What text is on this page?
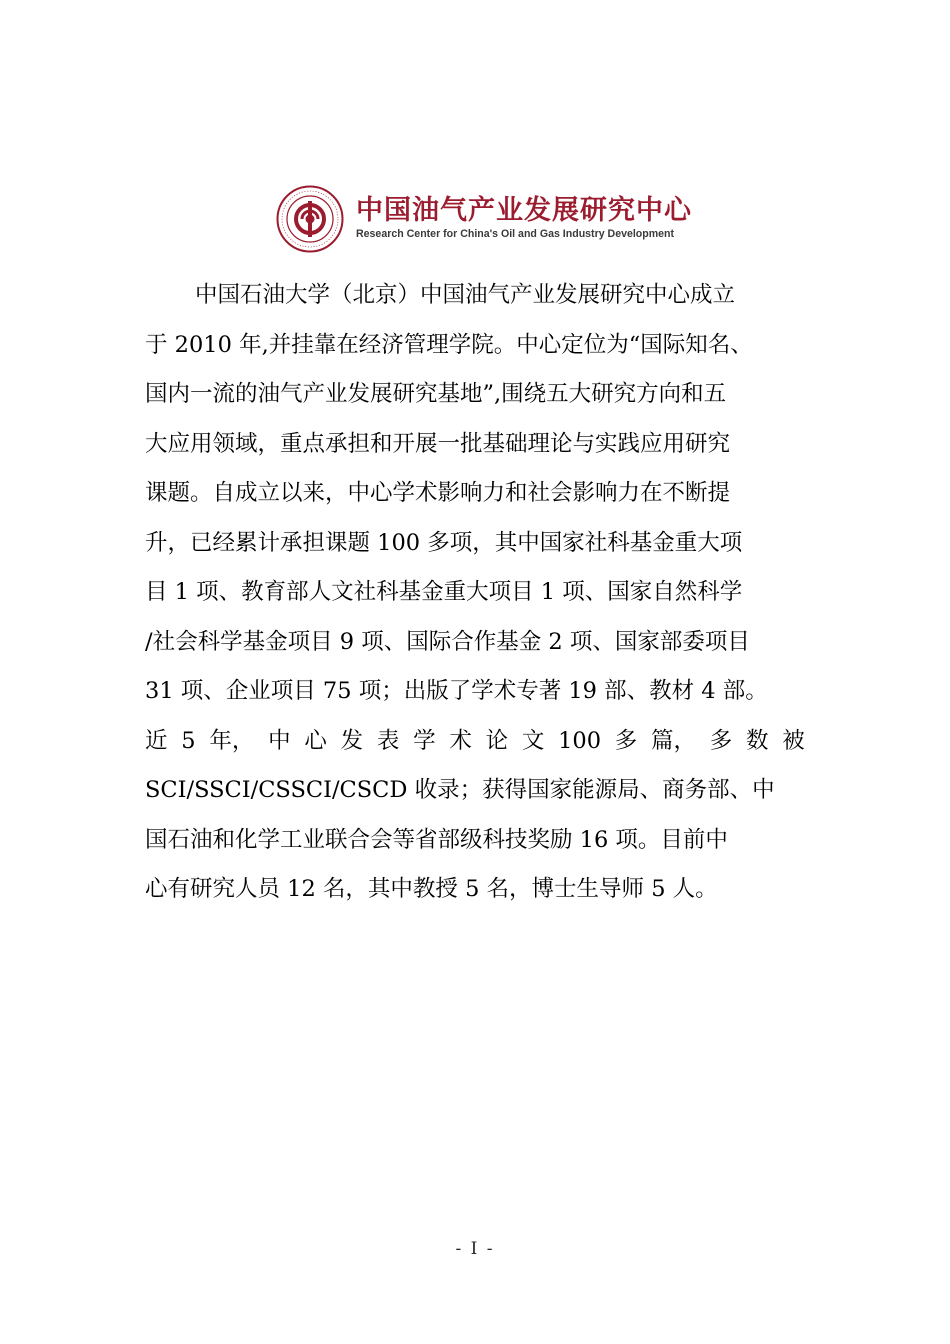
中国油气产业发展研究中心
Research Center for China's Oil and Gas Industry Development
中国石油大学（北京）中国油气产业发展研究中心成立
于 2010 年,并挂靠在经济管理学院。中心定位为“国际知名、
国内一流的油气产业发展研究基地”,围绕五大研究方向和五
大应用领域，重点承担和开展一批基础理论与实践应用研究
课题。自成立以来，中心学术影响力和社会影响力在不断提
升，已经累计承担课题 100 多项，其中国家社科基金重大项
目 1 项、教育部人文社科基金重大项目 1 项、国家自然科学
/社会科学基金项目 9 项、国际合作基金 2 项、国家部委项目
31 项、企业项目 75 项；出版了学术专著 19 部、教材 4 部。
近 5 年， 中 心 发 表 学 术 论 文 100 多 篇， 多 数 被
SCI/SSCI/CSSCI/CSCD 收录；获得国家能源局、商务部、中
国石油和化学工业联合会等省部级科技奖励 16 项。目前中
心有研究人员 12 名，其中教授 5 名，博士生导师 5 人。
- I -
